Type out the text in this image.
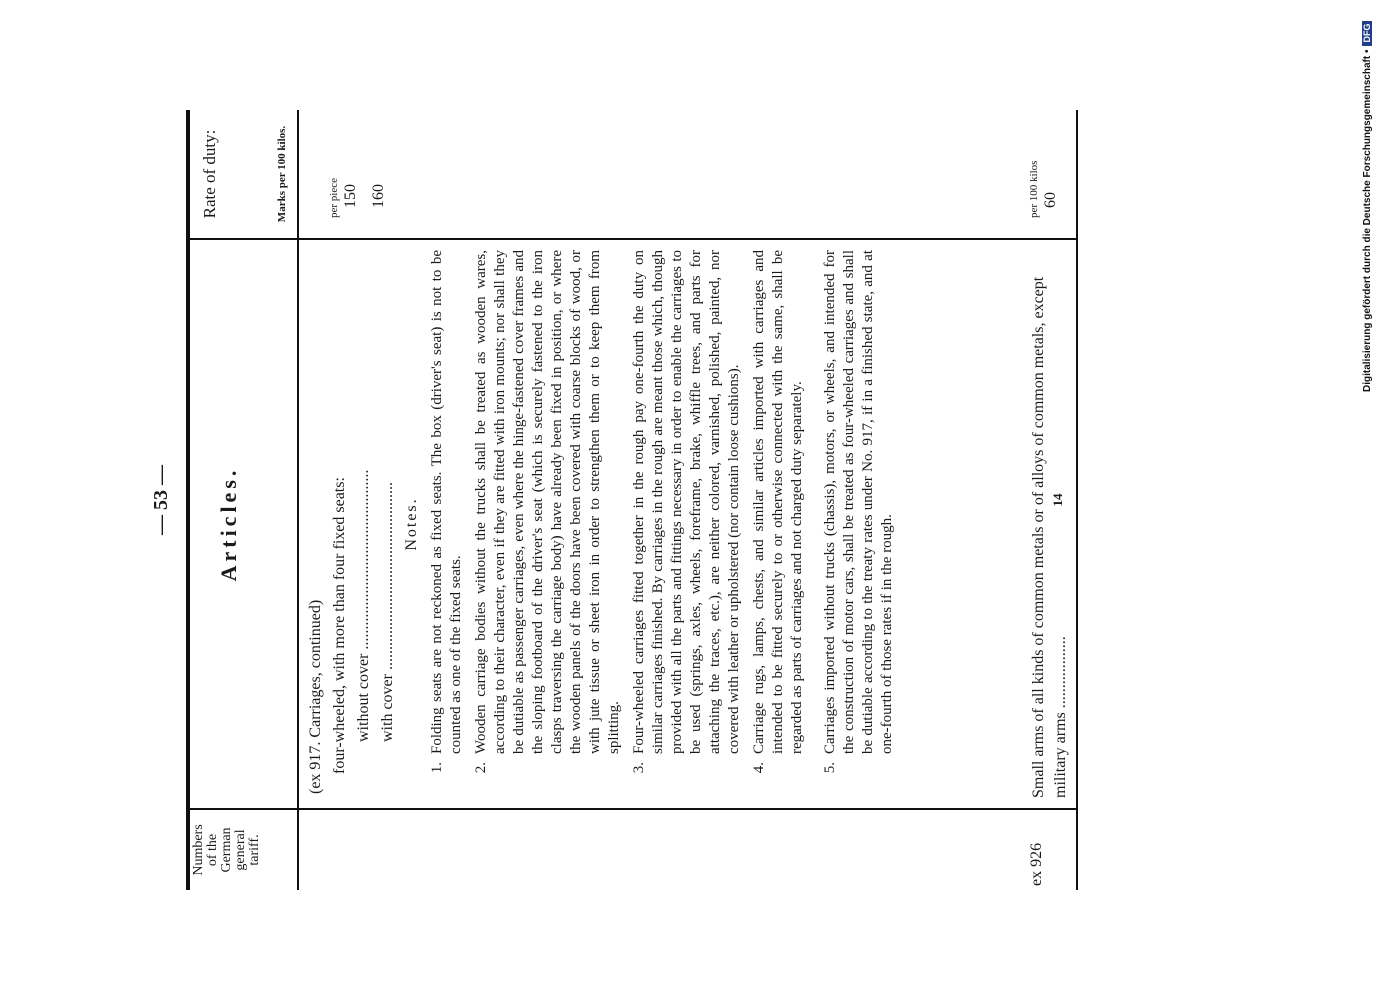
— 53 —
Numbers of the German general tariff.
Articles.
Rate of duty:	Marks per 100 kilos.
(ex 917. Carriages, continued) four-wheeled, with more than four fixed seats: without cover .............................................
with cover ............................................... Notes.
1.
Folding seats are not reckoned as fixed seats. The box (driver's seat) is not to be counted as one of the fixed seats.
2.
Wooden carriage bodies without the trucks shall be treated as wooden wares, according to their character, even if they are fitted with iron mounts; nor shall they be dutiable as passenger carriages, even where the hinge-fastened cover frames and the sloping footboard of the driver's seat (which is securely fastened to the iron clasps traversing the carriage body) have already been fixed in position, or where the wooden panels of the doors have been covered with coarse blocks of wood, or with jute tissue or sheet iron in order to strengthen them or to keep them from splitting.
3.
Four-wheeled carriages fitted together in the rough pay one-fourth the duty on similar carriages finished. By carriages in the rough are meant those which, though provided with all the parts and fittings necessary in order to enable the carriages to be used (springs, axles, wheels, foreframe, brake, whiffle trees, and parts for attaching the traces, etc.), are neither colored, varnished, polished, painted, nor covered with leather or upholstered (nor contain loose cushions).
4.
Carriage rugs, lamps, chests, and similar articles imported with carriages and intended to be fitted securely to or otherwise connected with the same, shall be regarded as parts of carriages and not charged duty separately.
5.
Carriages imported without trucks (chassis), motors, or wheels, and intended for the construction of motor cars, shall be treated as four-wheeled carriages and shall be dutiable according to the treaty rates under No. 917, if in a finished state, and at one-fourth of those rates if in the rough.
per piece 150 160
ex 926
Small arms of all kinds of common metals or of alloys of common metals, except military arms ..................
per 100 kilos 60
14
Digitalisierung gefördert durch die Deutsche Forschungsgemeinschaft •DFG
